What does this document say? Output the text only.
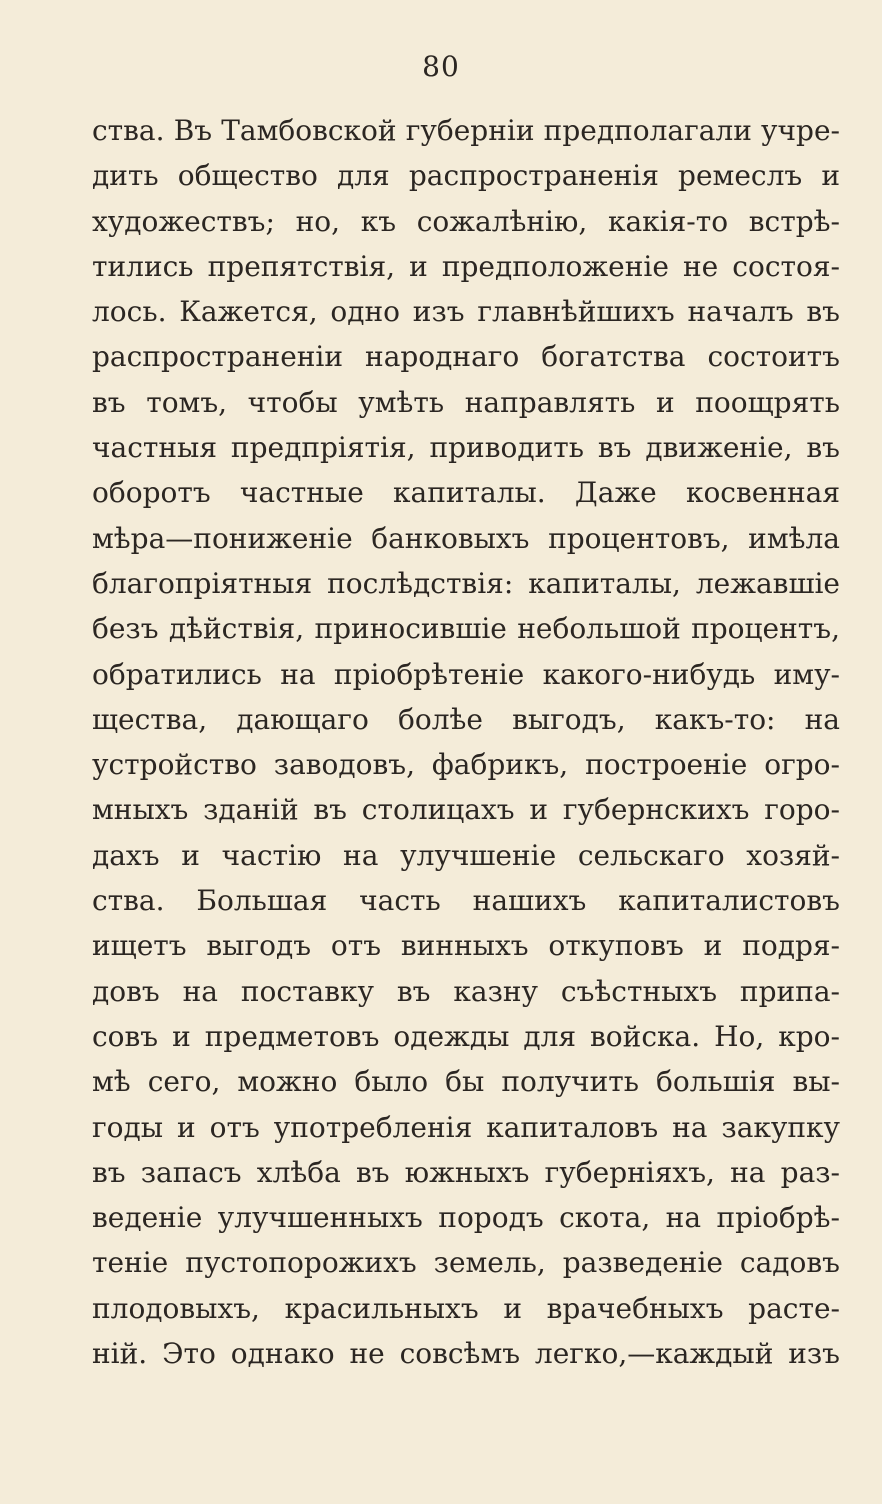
80
ства. Въ Тамбовской губерніи предполагали учре-
дить общество для распространенія ремеслъ и
художествъ; но, къ сожалѣнію, какія-то встрѣ-
тились препятствія, и предположеніе не состоя-
лось. Кажется, одно изъ главнѣйшихъ началъ въ
распространеніи народнаго богатства состоитъ
въ томъ, чтобы умѣть направлять и поощрять
частныя предпріятія, приводить въ движеніе, въ
оборотъ частные капиталы. Даже косвенная
мѣра—пониженіе банковыхъ процентовъ, имѣла
благопріятныя послѣдствія: капиталы, лежавшіе
безъ дѣйствія, приносившіе небольшой процентъ,
обратились на пріобрѣтеніе какого-нибудь иму-
щества, дающаго болѣе выгодъ, какъ-то: на
устройство заводовъ, фабрикъ, построеніе огро-
мныхъ зданій въ столицахъ и губернскихъ горо-
дахъ и частію на улучшеніе сельскаго хозяй-
ства. Большая часть нашихъ капиталистовъ
ищетъ выгодъ отъ винныхъ откуповъ и подря-
довъ на поставку въ казну съѣстныхъ припа-
совъ и предметовъ одежды для войска. Но, кро-
мѣ сего, можно было бы получить большія вы-
годы и отъ употребленія капиталовъ на закупку
въ запасъ хлѣба въ южныхъ губерніяхъ, на раз-
веденіе улучшенныхъ породъ скота, на пріобрѣ-
теніе пустопорожихъ земель, разведеніе садовъ
плодовыхъ, красильныхъ и врачебныхъ расте-
ній. Это однако не совсѣмъ легко,—каждый изъ
